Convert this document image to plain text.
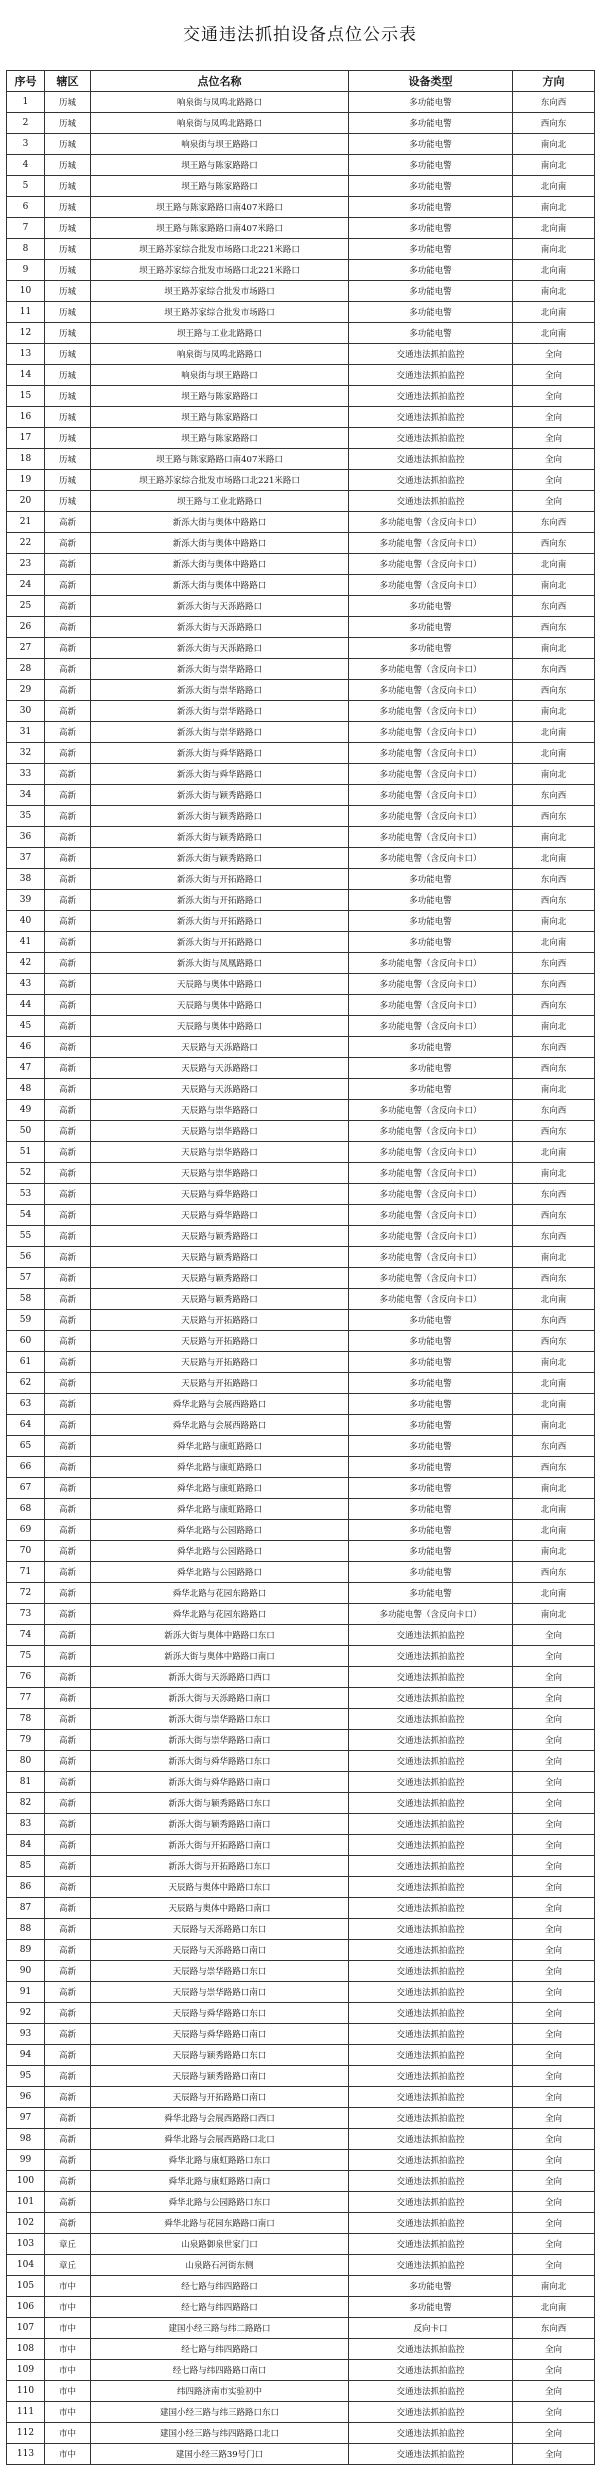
交通违法抓拍设备点位公示表
序号	辖区	点位名称	设备类型	方向
1	历城	响泉街与凤鸣北路路口	多功能电警	东向西
2	历城	响泉街与凤鸣北路路口	多功能电警	西向东
3	历城	响泉街与坝王路路口	多功能电警	南向北
4	历城	坝王路与陈家路路口	多功能电警	南向北
5	历城	坝王路与陈家路路口	多功能电警	北向南
6	历城	坝王路与陈家路路口南407米路口	多功能电警	南向北
7	历城	坝王路与陈家路路口南407米路口	多功能电警	北向南
8	历城	坝王路苏家综合批发市场路口北221米路口	多功能电警	南向北
9	历城	坝王路苏家综合批发市场路口北221米路口	多功能电警	北向南
10	历城	坝王路苏家综合批发市场路口	多功能电警	南向北
11	历城	坝王路苏家综合批发市场路口	多功能电警	北向南
12	历城	坝王路与工业北路路口	多功能电警	北向南
13	历城	响泉街与凤鸣北路路口	交通违法抓拍监控	全向
14	历城	响泉街与坝王路路口	交通违法抓拍监控	全向
15	历城	坝王路与陈家路路口	交通违法抓拍监控	全向
16	历城	坝王路与陈家路路口	交通违法抓拍监控	全向
17	历城	坝王路与陈家路路口	交通违法抓拍监控	全向
18	历城	坝王路与陈家路路口南407米路口	交通违法抓拍监控	全向
19	历城	坝王路苏家综合批发市场路口北221米路口	交通违法抓拍监控	全向
20	历城	坝王路与工业北路路口	交通违法抓拍监控	全向
21	高新	新泺大街与奥体中路路口	多功能电警（含反向卡口）	东向西
22	高新	新泺大街与奥体中路路口	多功能电警（含反向卡口）	西向东
23	高新	新泺大街与奥体中路路口	多功能电警（含反向卡口）	北向南
24	高新	新泺大街与奥体中路路口	多功能电警（含反向卡口）	南向北
25	高新	新泺大街与天泺路路口	多功能电警	东向西
26	高新	新泺大街与天泺路路口	多功能电警	西向东
27	高新	新泺大街与天泺路路口	多功能电警	南向北
28	高新	新泺大街与崇华路路口	多功能电警（含反向卡口）	东向西
29	高新	新泺大街与崇华路路口	多功能电警（含反向卡口）	西向东
30	高新	新泺大街与崇华路路口	多功能电警（含反向卡口）	南向北
31	高新	新泺大街与崇华路路口	多功能电警（含反向卡口）	北向南
32	高新	新泺大街与舜华路路口	多功能电警（含反向卡口）	北向南
33	高新	新泺大街与舜华路路口	多功能电警（含反向卡口）	南向北
34	高新	新泺大街与颖秀路路口	多功能电警（含反向卡口）	东向西
35	高新	新泺大街与颖秀路路口	多功能电警（含反向卡口）	西向东
36	高新	新泺大街与颖秀路路口	多功能电警（含反向卡口）	南向北
37	高新	新泺大街与颖秀路路口	多功能电警（含反向卡口）	北向南
38	高新	新泺大街与开拓路路口	多功能电警	东向西
39	高新	新泺大街与开拓路路口	多功能电警	西向东
40	高新	新泺大街与开拓路路口	多功能电警	南向北
41	高新	新泺大街与开拓路路口	多功能电警	北向南
42	高新	新泺大街与凤凰路路口	多功能电警（含反向卡口）	东向西
43	高新	天辰路与奥体中路路口	多功能电警（含反向卡口）	东向西
44	高新	天辰路与奥体中路路口	多功能电警（含反向卡口）	西向东
45	高新	天辰路与奥体中路路口	多功能电警（含反向卡口）	南向北
46	高新	天辰路与天泺路路口	多功能电警	东向西
47	高新	天辰路与天泺路路口	多功能电警	西向东
48	高新	天辰路与天泺路路口	多功能电警	南向北
49	高新	天辰路与崇华路路口	多功能电警（含反向卡口）	东向西
50	高新	天辰路与崇华路路口	多功能电警（含反向卡口）	西向东
51	高新	天辰路与崇华路路口	多功能电警（含反向卡口）	北向南
52	高新	天辰路与崇华路路口	多功能电警（含反向卡口）	南向北
53	高新	天辰路与舜华路路口	多功能电警（含反向卡口）	东向西
54	高新	天辰路与舜华路路口	多功能电警（含反向卡口）	西向东
55	高新	天辰路与颖秀路路口	多功能电警（含反向卡口）	东向西
56	高新	天辰路与颖秀路路口	多功能电警（含反向卡口）	南向北
57	高新	天辰路与颖秀路路口	多功能电警（含反向卡口）	西向东
58	高新	天辰路与颖秀路路口	多功能电警（含反向卡口）	北向南
59	高新	天辰路与开拓路路口	多功能电警	东向西
60	高新	天辰路与开拓路路口	多功能电警	西向东
61	高新	天辰路与开拓路路口	多功能电警	南向北
62	高新	天辰路与开拓路路口	多功能电警	北向南
63	高新	舜华北路与会展西路路口	多功能电警	北向南
64	高新	舜华北路与会展西路路口	多功能电警	南向北
65	高新	舜华北路与康虹路路口	多功能电警	东向西
66	高新	舜华北路与康虹路路口	多功能电警	西向东
67	高新	舜华北路与康虹路路口	多功能电警	南向北
68	高新	舜华北路与康虹路路口	多功能电警	北向南
69	高新	舜华北路与公园路路口	多功能电警	北向南
70	高新	舜华北路与公园路路口	多功能电警	南向北
71	高新	舜华北路与公园路路口	多功能电警	西向东
72	高新	舜华北路与花园东路路口	多功能电警	北向南
73	高新	舜华北路与花园东路路口	多功能电警（含反向卡口）	南向北
74	高新	新泺大街与奥体中路路口东口	交通违法抓拍监控	全向
75	高新	新泺大街与奥体中路路口南口	交通违法抓拍监控	全向
76	高新	新泺大街与天泺路路口西口	交通违法抓拍监控	全向
77	高新	新泺大街与天泺路路口南口	交通违法抓拍监控	全向
78	高新	新泺大街与崇华路路口东口	交通违法抓拍监控	全向
79	高新	新泺大街与崇华路路口南口	交通违法抓拍监控	全向
80	高新	新泺大街与舜华路路口东口	交通违法抓拍监控	全向
81	高新	新泺大街与舜华路路口南口	交通违法抓拍监控	全向
82	高新	新泺大街与颖秀路路口东口	交通违法抓拍监控	全向
83	高新	新泺大街与颖秀路路口南口	交通违法抓拍监控	全向
84	高新	新泺大街与开拓路路口南口	交通违法抓拍监控	全向
85	高新	新泺大街与开拓路路口东口	交通违法抓拍监控	全向
86	高新	天辰路与奥体中路路口东口	交通违法抓拍监控	全向
87	高新	天辰路与奥体中路路口南口	交通违法抓拍监控	全向
88	高新	天辰路与天泺路路口东口	交通违法抓拍监控	全向
89	高新	天辰路与天泺路路口南口	交通违法抓拍监控	全向
90	高新	天辰路与崇华路路口东口	交通违法抓拍监控	全向
91	高新	天辰路与崇华路路口南口	交通违法抓拍监控	全向
92	高新	天辰路与舜华路路口东口	交通违法抓拍监控	全向
93	高新	天辰路与舜华路路口南口	交通违法抓拍监控	全向
94	高新	天辰路与颖秀路路口东口	交通违法抓拍监控	全向
95	高新	天辰路与颖秀路路口南口	交通违法抓拍监控	全向
96	高新	天辰路与开拓路路口南口	交通违法抓拍监控	全向
97	高新	舜华北路与会展西路路口西口	交通违法抓拍监控	全向
98	高新	舜华北路与会展西路路口北口	交通违法抓拍监控	全向
99	高新	舜华北路与康虹路路口东口	交通违法抓拍监控	全向
100	高新	舜华北路与康虹路路口南口	交通违法抓拍监控	全向
101	高新	舜华北路与公园路路口东口	交通违法抓拍监控	全向
102	高新	舜华北路与花园东路路口南口	交通违法抓拍监控	全向
103	章丘	山泉路御泉世家门口	交通违法抓拍监控	全向
104	章丘	山泉路石河街东侧	交通违法抓拍监控	全向
105	市中	经七路与纬四路路口	多功能电警	南向北
106	市中	经七路与纬四路路口	多功能电警	北向南
107	市中	建国小经三路与纬二路路口	反向卡口	东向西
108	市中	经七路与纬四路路口	交通违法抓拍监控	全向
109	市中	经七路与纬四路路口南口	交通违法抓拍监控	全向
110	市中	纬四路济南市实验初中	交通违法抓拍监控	全向
111	市中	建国小经三路与纬三路路口东口	交通违法抓拍监控	全向
112	市中	建国小经三路与纬四路路口北口	交通违法抓拍监控	全向
113	市中	建国小经三路39号门口	交通违法抓拍监控	全向
